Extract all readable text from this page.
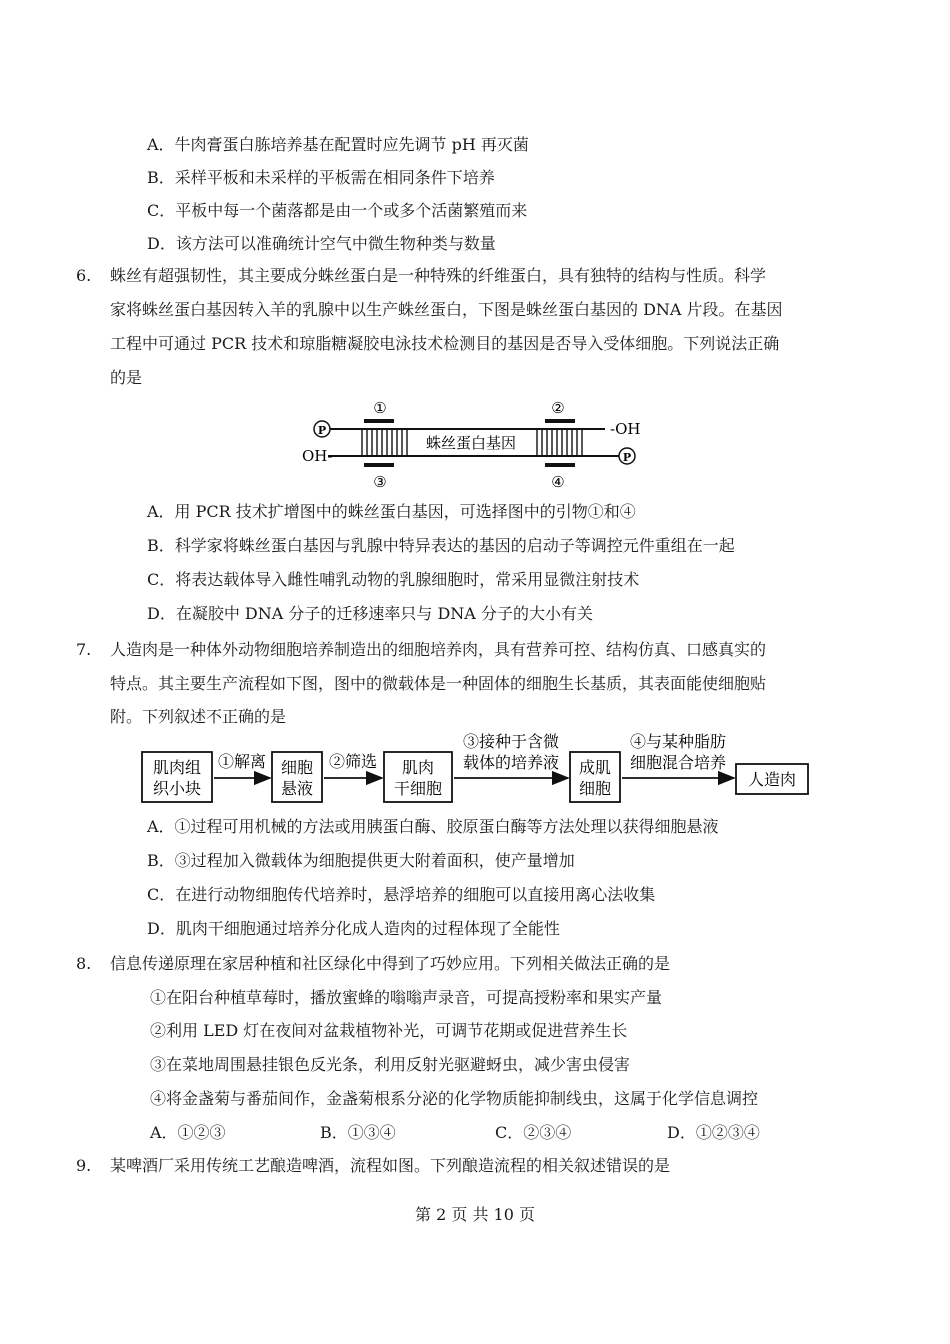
A．牛肉膏蛋白胨培养基在配置时应先调节 pH 再灭菌
B．采样平板和未采样的平板需在相同条件下培养
C．平板中每一个菌落都是由一个或多个活菌繁殖而来
D．该方法可以准确统计空气中微生物种类与数量
6. 蛛丝有超强韧性，其主要成分蛛丝蛋白是一种特殊的纤维蛋白，具有独特的结构与性质。科学
家将蛛丝蛋白基因转入羊的乳腺中以生产蛛丝蛋白，下图是蛛丝蛋白基因的 DNA 片段。在基因
工程中可通过 PCR 技术和琼脂糖凝胶电泳技术检测目的基因是否导入受体细胞。下列说法正确
的是
①	②
③	④
蛛丝蛋白基因
P
P
-OH
OH-
A．用 PCR 技术扩增图中的蛛丝蛋白基因，可选择图中的引物①和④
B．科学家将蛛丝蛋白基因与乳腺中特异表达的基因的启动子等调控元件重组在一起
C．将表达载体导入雌性哺乳动物的乳腺细胞时，常采用显微注射技术
D．在凝胶中 DNA 分子的迁移速率只与 DNA 分子的大小有关
7. 人造肉是一种体外动物细胞培养制造出的细胞培养肉，具有营养可控、结构仿真、口感真实的
特点。其主要生产流程如下图，图中的微载体是一种固体的细胞生长基质，其表面能使细胞贴
附。下列叙述不正确的是
肌肉组
织小块
细胞
悬液
肌肉
干细胞
成肌
细胞	人造肉
①解离	②筛选
③接种于含微
载体的培养液
④与某种脂肪
细胞混合培养
A．①过程可用机械的方法或用胰蛋白酶、胶原蛋白酶等方法处理以获得细胞悬液
B．③过程加入微载体为细胞提供更大附着面积，使产量增加
C．在进行动物细胞传代培养时，悬浮培养的细胞可以直接用离心法收集
D．肌肉干细胞通过培养分化成人造肉的过程体现了全能性
8. 信息传递原理在家居种植和社区绿化中得到了巧妙应用。下列相关做法正确的是
①在阳台种植草莓时，播放蜜蜂的嗡嗡声录音，可提高授粉率和果实产量
②利用 LED 灯在夜间对盆栽植物补光，可调节花期或促进营养生长
③在菜地周围悬挂银色反光条，利用反射光驱避蚜虫，减少害虫侵害
④将金盏菊与番茄间作，金盏菊根系分泌的化学物质能抑制线虫，这属于化学信息调控
A．①②③	B．①③④	C．②③④	D．①②③④
9. 某啤酒厂采用传统工艺酿造啤酒，流程如图。下列酿造流程的相关叙述错误的是
第 2 页 共 10 页
